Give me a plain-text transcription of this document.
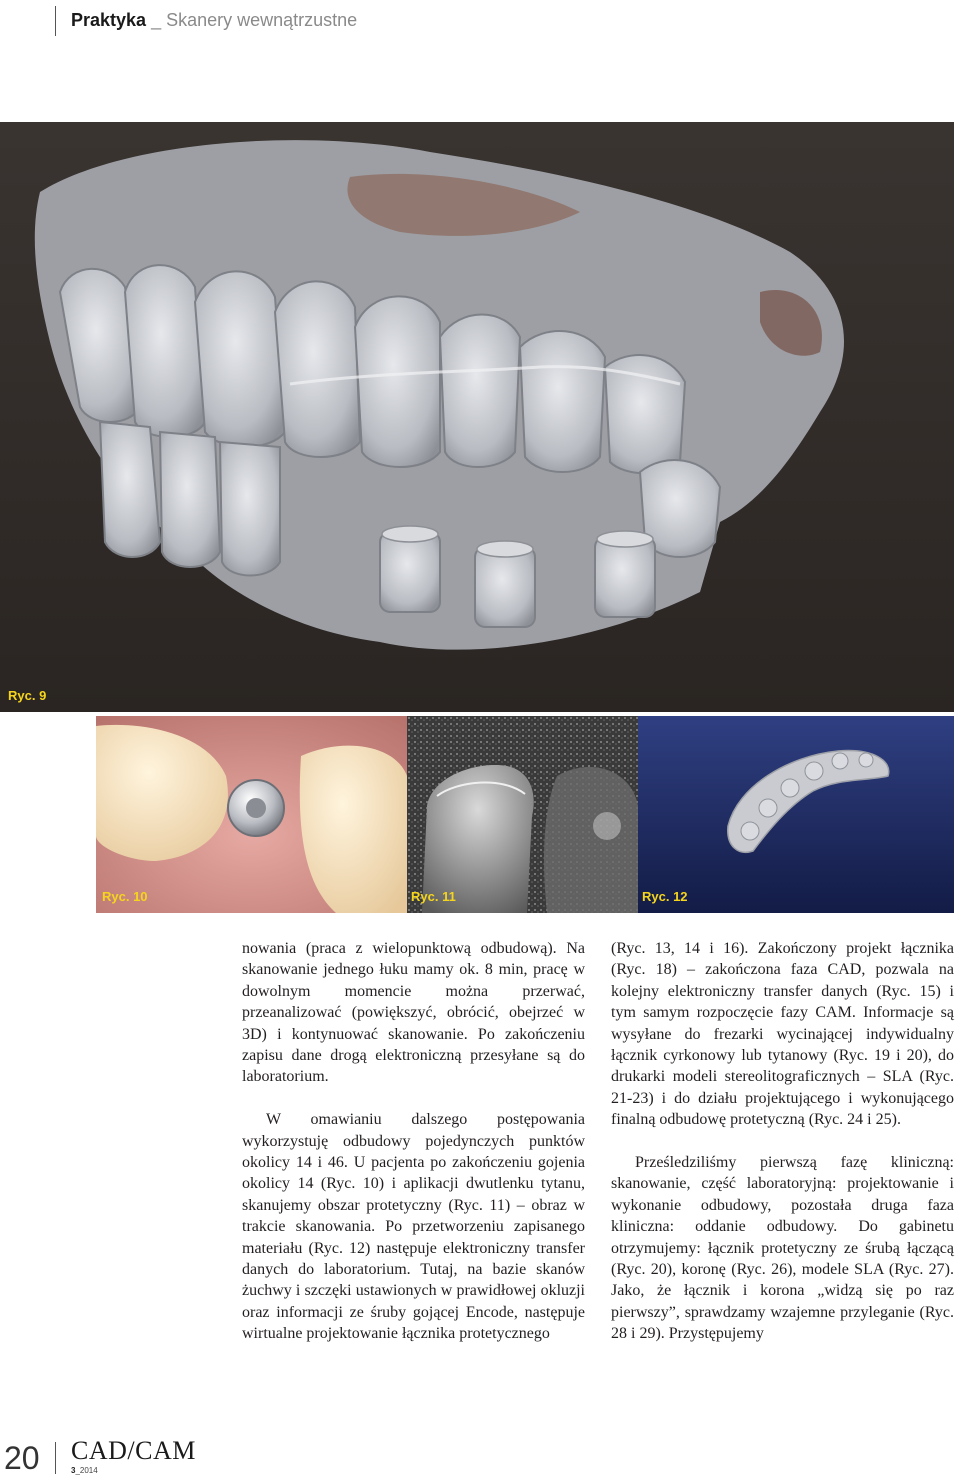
Praktyka _ Skanery wewnątrzustne
Ryc. 9
Ryc. 10	Ryc. 11	Ryc. 12

nowania (praca z wielopunktową odbudową). Na skanowanie jednego łuku mamy ok. 8 min, pracę w dowolnym momencie można przerwać, przeanalizować (powiększyć, obrócić, obejrzeć w 3D) i kontynuować skanowanie. Po zakończeniu zapisu dane drogą elektroniczną przesyłane są do laboratorium.

W omawianiu dalszego postępowania wykorzystuję odbudowy pojedynczych punktów okolicy 14 i 46. U pacjenta po zakończeniu gojenia okolicy 14 (Ryc. 10) i aplikacji dwutlenku tytanu, skanujemy obszar protetyczny (Ryc. 11) – obraz w trakcie skanowania. Po przetworzeniu zapisanego materiału (Ryc. 12) następuje elektroniczny transfer danych do laboratorium. Tutaj, na bazie skanów żuchwy i szczęki ustawionych w prawidłowej okluzji oraz informacji ze śruby gojącej Encode, następuje wirtualne projektowanie łącznika protetycznego

(Ryc. 13, 14 i 16). Zakończony projekt łącznika (Ryc. 18) – zakończona faza CAD, pozwala na kolejny elektroniczny transfer danych (Ryc. 15) i tym samym rozpoczęcie fazy CAM. Informacje są wysyłane do frezarki wycinającej indywidualny łącznik cyrkonowy lub tytanowy (Ryc. 19 i 20), do drukarki modeli stereolitograficznych – SLA (Ryc. 21-23) i do działu projektującego i wykonującego finalną odbudowę protetyczną (Ryc. 24 i 25).

Prześledziliśmy pierwszą fazę kliniczną: skanowanie, część laboratoryjną: projektowanie i wykonanie odbudowy, pozostała druga faza kliniczna: oddanie odbudowy. Do gabinetu otrzymujemy: łącznik protetyczny ze śrubą łączącą (Ryc. 20), koronę (Ryc. 26), modele SLA (Ryc. 27). Jako, że łącznik i korona „widzą się po raz pierwszy”, sprawdzamy wzajemne przyleganie (Ryc. 28 i 29). Przystępujemy

20 CAD/CAM
3_2014
